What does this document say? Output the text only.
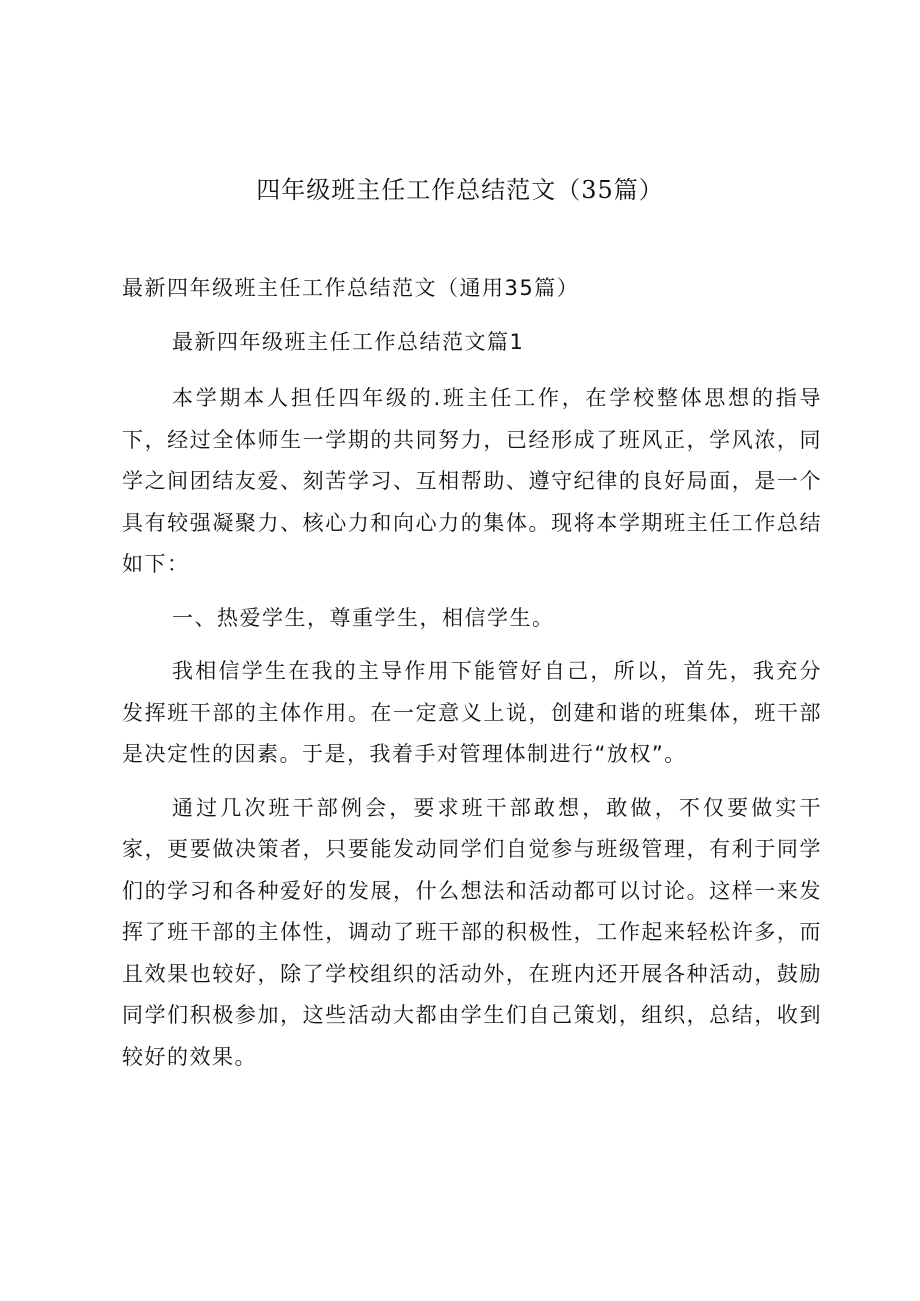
四年级班主任工作总结范文（35篇）

最新四年级班主任工作总结范文（通用35篇）

最新四年级班主任工作总结范文篇1

本学期本人担任四年级的.班主任工作，在学校整体思想的指导下，经过全体师生一学期的共同努力，已经形成了班风正，学风浓，同学之间团结友爱、刻苦学习、互相帮助、遵守纪律的良好局面，是一个具有较强凝聚力、核心力和向心力的集体。现将本学期班主任工作总结如下：

一、热爱学生，尊重学生，相信学生。

我相信学生在我的主导作用下能管好自己，所以，首先，我充分发挥班干部的主体作用。在一定意义上说，创建和谐的班集体，班干部是决定性的因素。于是，我着手对管理体制进行“放权”。

通过几次班干部例会，要求班干部敢想，敢做，不仅要做实干家，更要做决策者，只要能发动同学们自觉参与班级管理，有利于同学们的学习和各种爱好的发展，什么想法和活动都可以讨论。这样一来发挥了班干部的主体性，调动了班干部的积极性，工作起来轻松许多，而且效果也较好，除了学校组织的活动外，在班内还开展各种活动，鼓励同学们积极参加，这些活动大都由学生们自己策划，组织，总结，收到较好的效果。
